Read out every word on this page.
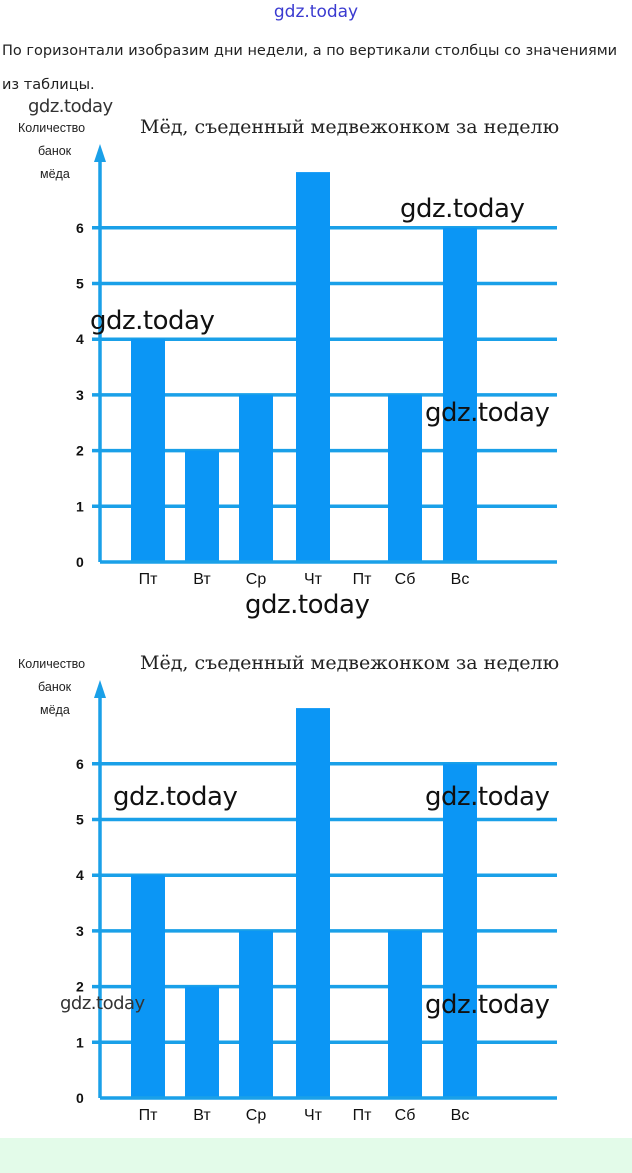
gdz.today
По горизонтали изобразим дни недели, а по вертикали столбцы со значениями из таблицы.
Мёд, съеденный медвежонком за неделю
Количество
банок
мёда
0
1
2
3
4
5
6
Пт Вт Ср Чт Пт Сб Вс
Мёд, съеденный медвежонком за неделю
Количество
банок
мёда
0
1
2
3
4
5
6
Пт Вт Ср Чт Пт Сб Вс
gdz.today
gdz.today
gdz.today
gdz.today
gdz.today
gdz.today	gdz.today
gdz.today	gdz.today
